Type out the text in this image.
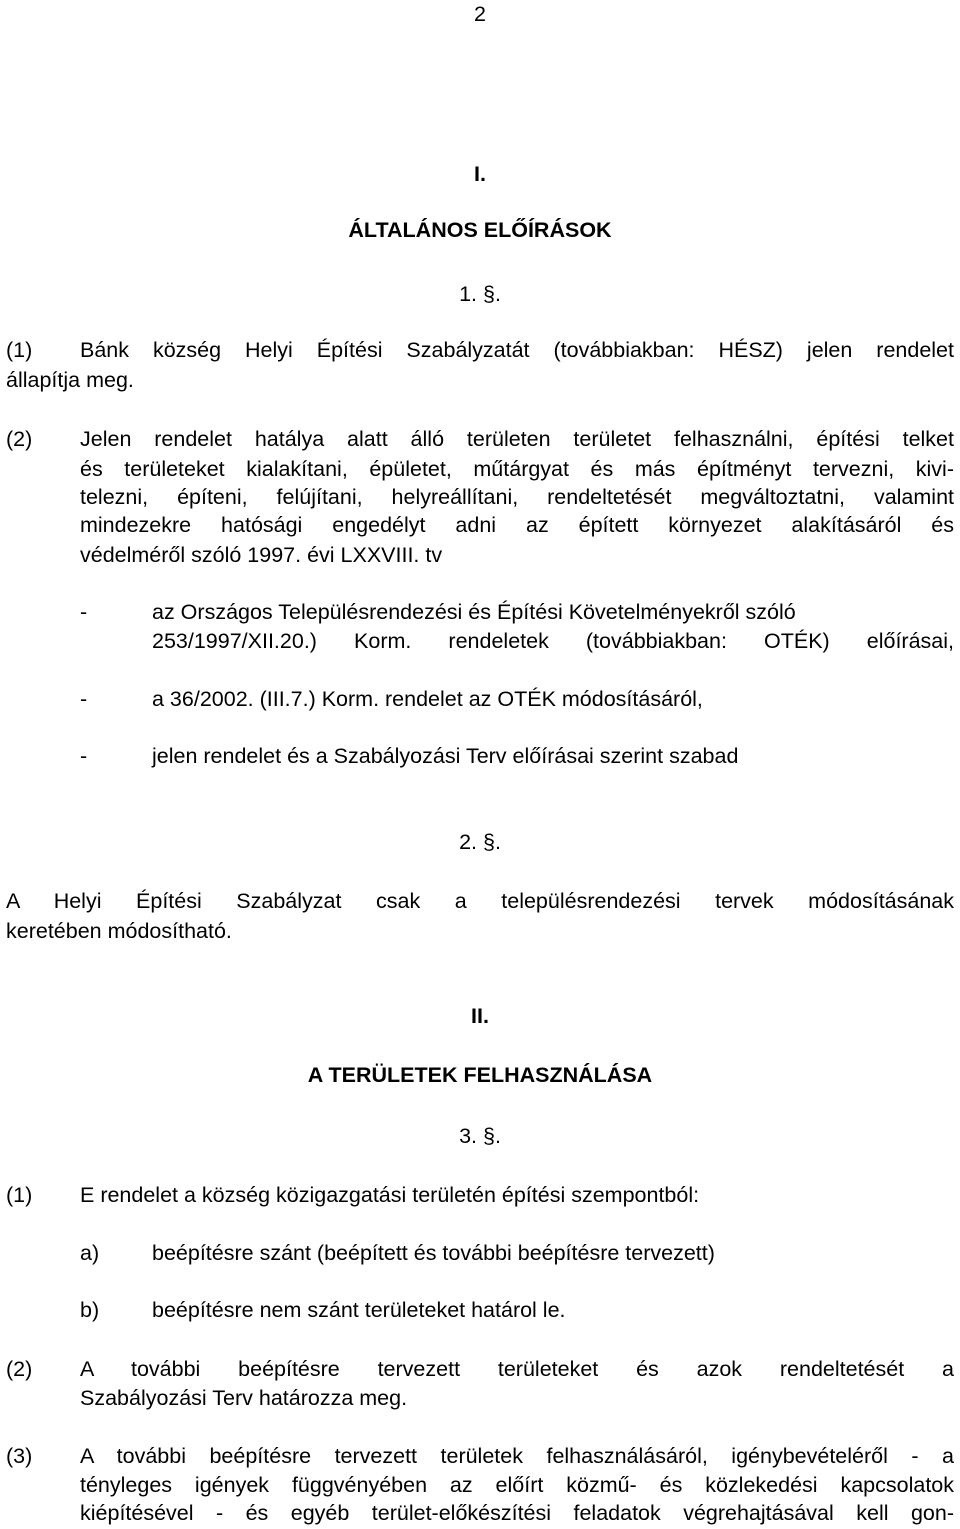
2
I.
ÁLTALÁNOS ELŐÍRÁSOK
1. §.
(1) Bánk község Helyi Építési Szabályzatát (továbbiakban: HÉSZ) jelen rendelet
állapítja meg.
(2) Jelen rendelet hatálya alatt álló területen területet felhasználni, építési telket
és területeket kialakítani, épületet, műtárgyat és más építményt tervezni, kivi-
telezni, építeni, felújítani, helyreállítani, rendeltetését megváltoztatni, valamint
mindezekre hatósági engedélyt adni az épített környezet alakításáról és
védelméről szóló 1997. évi LXXVIII. tv
-	az Országos Településrendezési és Építési Követelményekről szóló
253/1997/XII.20.) Korm. rendeletek (továbbiakban: OTÉK) előírásai,
-	a 36/2002. (III.7.) Korm. rendelet az OTÉK módosításáról,
-	jelen rendelet és a Szabályozási Terv előírásai szerint szabad
2. §.
A Helyi Építési Szabályzat csak a településrendezési tervek módosításának
keretében módosítható.
II.
A TERÜLETEK FELHASZNÁLÁSA
3. §.
(1) E rendelet a község közigazgatási területén építési szempontból:
a) beépítésre szánt (beépített és további beépítésre tervezett)
b) beépítésre nem szánt területeket határol le.
(2) A további beépítésre tervezett területeket és azok rendeltetését a
Szabályozási Terv határozza meg.
(3) A további beépítésre tervezett területek felhasználásáról, igénybevételéről - a
tényleges igények függvényében az előírt közmű- és közlekedési kapcsolatok
kiépítésével - és egyéb terület-előkészítési feladatok végrehajtásával kell gon-
